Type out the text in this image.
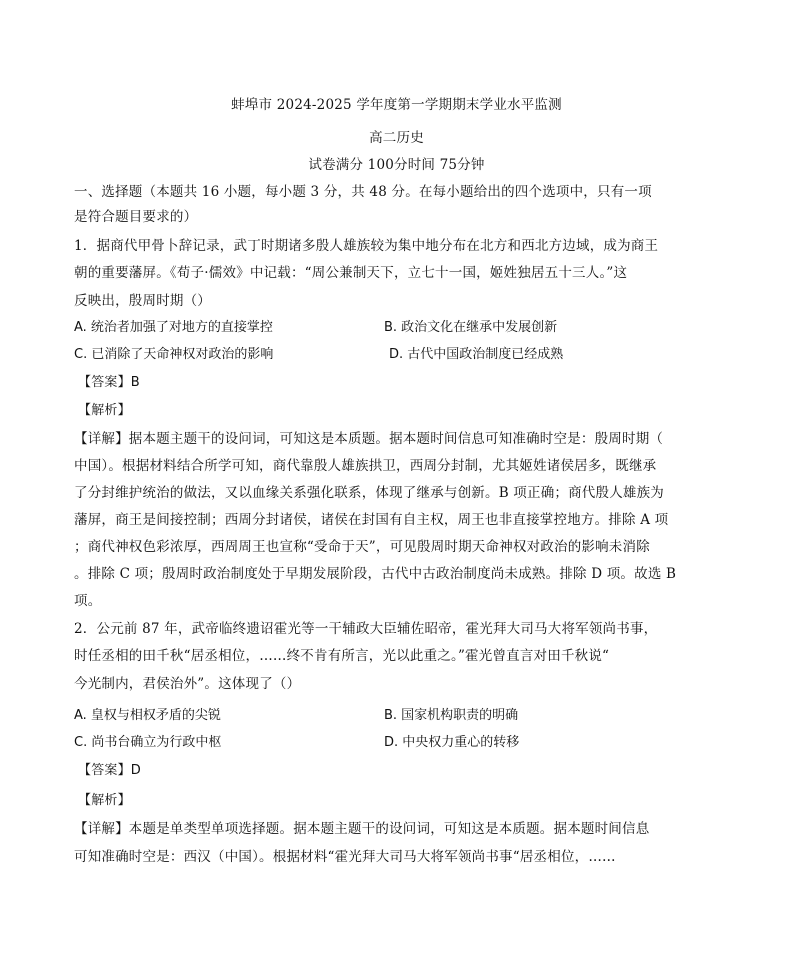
蚌埠市 2024-2025 学年度第一学期期末学业水平监测
高二历史
试卷满分 100分时间 75分钟
一、选择题（本题共 16 小题，每小题 3 分，共 48 分。在每小题给出的四个选项中，只有一项
是符合题目要求的）
1．据商代甲骨卜辞记录，武丁时期诸多殷人雄族较为集中地分布在北方和西北方边域，成为商王
朝的重要藩屏。《荀子·儒效》中记载：“周公兼制天下，立七十一国，姬姓独居五十三人。”这
反映出，殷周时期（）
A. 统治者加强了对地方的直接掌控	B. 政治文化在继承中发展创新
C. 已消除了天命神权对政治的影响	D. 古代中国政治制度已经成熟
【答案】B
【解析】
【详解】据本题主题干的设问词，可知这是本质题。据本题时间信息可知准确时空是：殷周时期（
中国）。根据材料结合所学可知，商代靠殷人雄族拱卫，西周分封制，尤其姬姓诸侯居多，既继承
了分封维护统治的做法，又以血缘关系强化联系，体现了继承与创新。B 项正确；商代殷人雄族为
藩屏，商王是间接控制；西周分封诸侯，诸侯在封国有自主权，周王也非直接掌控地方。排除 A 项
；商代神权色彩浓厚，西周周王也宣称“受命于天”，可见殷周时期天命神权对政治的影响未消除
。排除 C 项；殷周时政治制度处于早期发展阶段，古代中古政治制度尚未成熟。排除 D 项。故选 B
项。
2．公元前 87 年，武帝临终遗诏霍光等一干辅政大臣辅佐昭帝，霍光拜大司马大将军领尚书事，
时任丞相的田千秋“居丞相位，……终不肯有所言，光以此重之。”霍光曾直言对田千秋说“
今光制内，君侯治外”。这体现了（）
A. 皇权与相权矛盾的尖锐	B. 国家机构职责的明确
C. 尚书台确立为行政中枢	D. 中央权力重心的转移
【答案】D
【解析】
【详解】本题是单类型单项选择题。据本题主题干的设问词，可知这是本质题。据本题时间信息
可知准确时空是：西汉（中国）。根据材料“霍光拜大司马大将军领尚书事“居丞相位，……
